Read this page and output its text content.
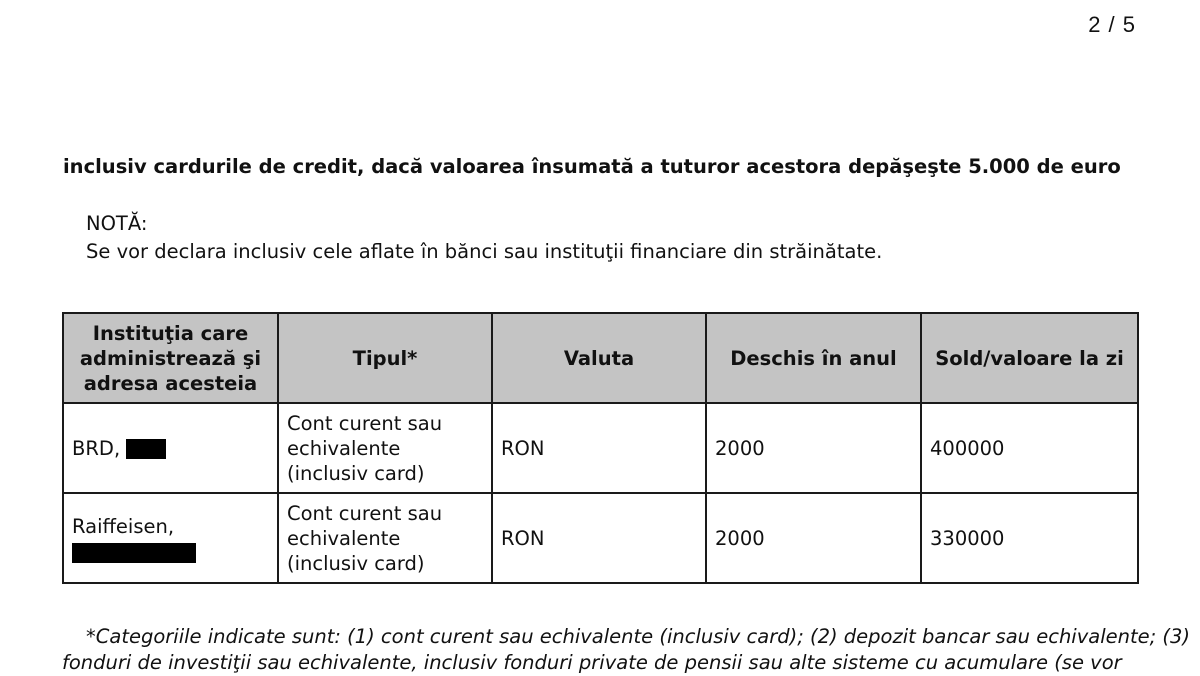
2 / 5
inclusiv cardurile de credit, dacă valoarea însumată a tuturor acestora depăşeşte 5.000 de euro
NOTĂ:
Se vor declara inclusiv cele aflate în bănci sau instituţii financiare din străinătate.
Instituţia care administrează şi adresa acesteia	Tipul*	Valuta	Deschis în anul	Sold/valoare la zi
BRD,	Cont curent sau echivalente (inclusiv card)	RON	2000	400000

Raiffeisen,	Cont curent sau echivalente (inclusiv card)	RON	2000	330000
*Categoriile indicate sunt: (1) cont curent sau echivalente (inclusiv card); (2) depozit bancar sau echivalente; (3)
fonduri de investiţii sau echivalente, inclusiv fonduri private de pensii sau alte sisteme cu acumulare (se vor
